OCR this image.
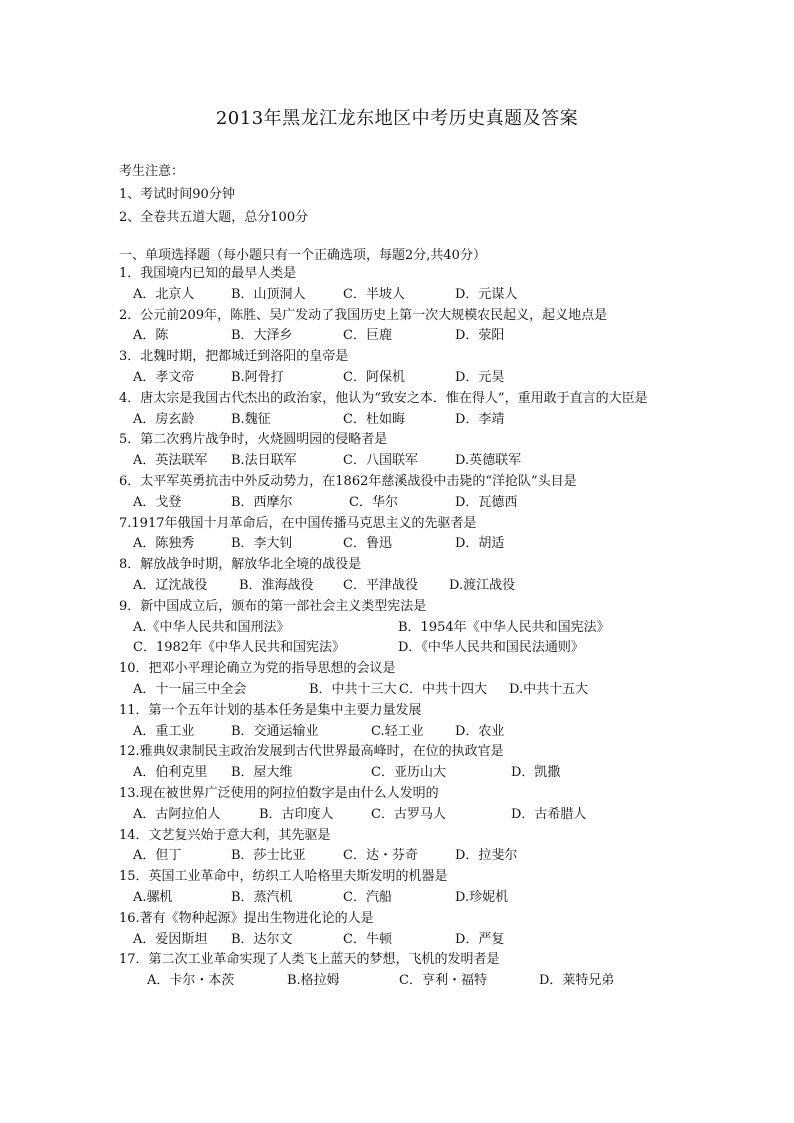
2013年黑龙江龙东地区中考历史真题及答案
考生注意：
1、考试时间90分钟
2、全卷共五道大题，总分100分
一、单项选择题（每小题只有一个正确选项，每题2分,共40分）
1．我国境内已知的最早人类是
A．北京人	B．山顶洞人	C．半坡人	D．元谋人
2．公元前209年，陈胜、吴广发动了我国历史上第一次大规模农民起义，起义地点是
A．陈	B．大泽乡	C．巨鹿	D．荥阳
3．北魏时期，把都城迁到洛阳的皇帝是
A．孝文帝	B.阿骨打	C．阿保机	D．元昊
4．唐太宗是我国古代杰出的政治家，他认为“致安之本．惟在得人”，重用敢于直言的大臣是
A．房玄龄	B.魏征	C．杜如晦	D．李靖
5．第二次鸦片战争时，火烧圆明园的侵略者是
A．英法联军 B.法日联军	C．八国联军	D.英德联军
6．太平军英勇抗击中外反动势力，在1862年慈溪战役中击毙的“洋抢队”头目是
A．戈登	B．西摩尔	C．华尔	D．瓦德西
7.1917年俄国十月革命后，在中国传播马克思主义的先驱者是
A．陈独秀	B．李大钊	C．鲁迅	D．胡适
8．解放战争时期，解放华北全境的战役是
A．辽沈战役 B．淮海战役 C．平津战役 D.渡江战役
9．新中国成立后，颁布的第一部社会主义类型宪法是
A.《中华人民共和国刑法》	B．1954年《中华人民共和国宪法》
C．1982年《中华人民共和国宪法》	D．《中华人民共和国民法通则》
10．把邓小平理论确立为党的指导思想的会议是
A．十一届三中全会	B．中共十三大 C．中共十四大 D.中共十五大
11．第一个五年计划的基本任务是集中主要力量发展
A．重工业	B．交通运输业	C.轻工业 D．农业
12.雅典奴隶制民主政治发展到古代世界最高峰时，在位的执政官是
A．伯利克里 B．屋大维	C．亚历山大	D．凯撒
13.现在被世界广泛使用的阿拉伯数字是由什么人发明的
A．古阿拉伯人	B．古印度人	C．古罗马人	D．古希腊人
14．文艺复兴始于意大利，其先驱是
A．但丁	B．莎士比亚	C．达・芬奇	D．拉斐尔
15．英国工业革命中，纺织工人哈格里夫斯发明的机器是
A.骡机	B．蒸汽机	C．汽船	D.珍妮机
16.著有《物种起源》提出生物进化论的人是
A．爱因斯坦 B．达尔文	C．牛顿	D．严复
17．第二次工业革命实现了人类飞上蓝天的梦想，飞机的发明者是
A．卡尔・本茨	B.格拉姆	C．亨利・福特	D．莱特兄弟
